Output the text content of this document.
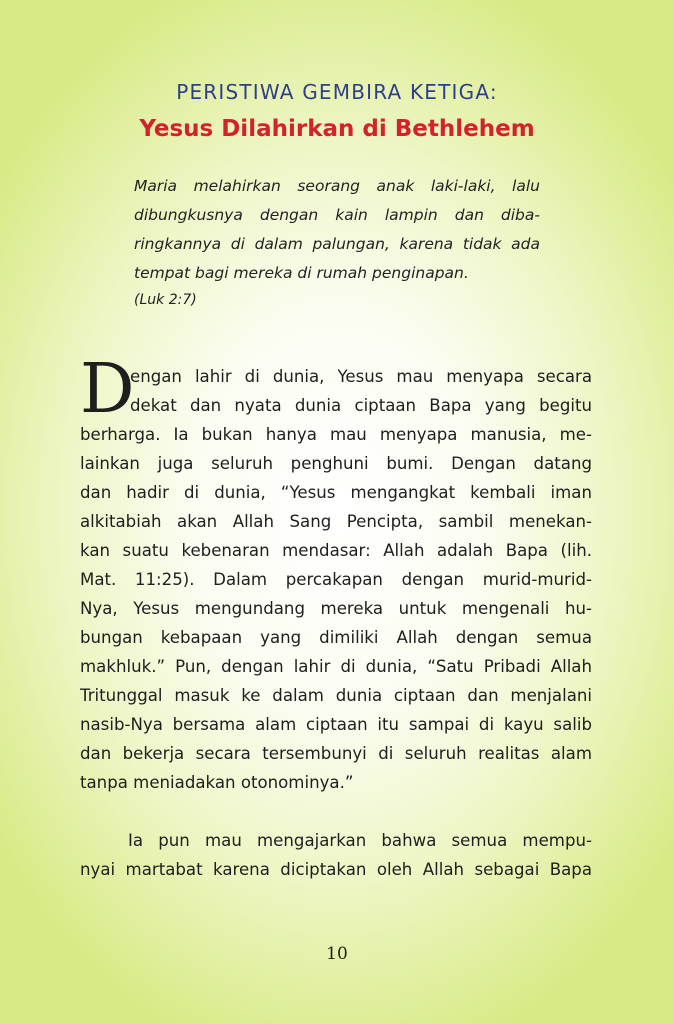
PERISTIWA GEMBIRA KETIGA:
Yesus Dilahirkan di Bethlehem
Maria melahirkan seorang anak laki-laki, lalu
dibungkusnya dengan kain lampin dan diba-
ringkannya di dalam palungan, karena tidak ada
tempat bagi mereka di rumah penginapan.
(Luk 2:7)
D
engan lahir di dunia, Yesus mau menyapa secara
dekat dan nyata dunia ciptaan Bapa yang begitu
berharga. Ia bukan hanya mau menyapa manusia, me-
lainkan juga seluruh penghuni bumi. Dengan datang
dan hadir di dunia, “Yesus mengangkat kembali iman
alkitabiah akan Allah Sang Pencipta, sambil menekan-
kan suatu kebenaran mendasar: Allah adalah Bapa (lih.
Mat. 11:25). Dalam percakapan dengan murid-murid-
Nya, Yesus mengundang mereka untuk mengenali hu-
bungan kebapaan yang dimiliki Allah dengan semua
makhluk.” Pun, dengan lahir di dunia, “Satu Pribadi Allah
Tritunggal masuk ke dalam dunia ciptaan dan menjalani
nasib-Nya bersama alam ciptaan itu sampai di kayu salib
dan bekerja secara tersembunyi di seluruh realitas alam
tanpa meniadakan otonominya.”
Ia pun mau mengajarkan bahwa semua mempu-
nyai martabat karena diciptakan oleh Allah sebagai Bapa
10
